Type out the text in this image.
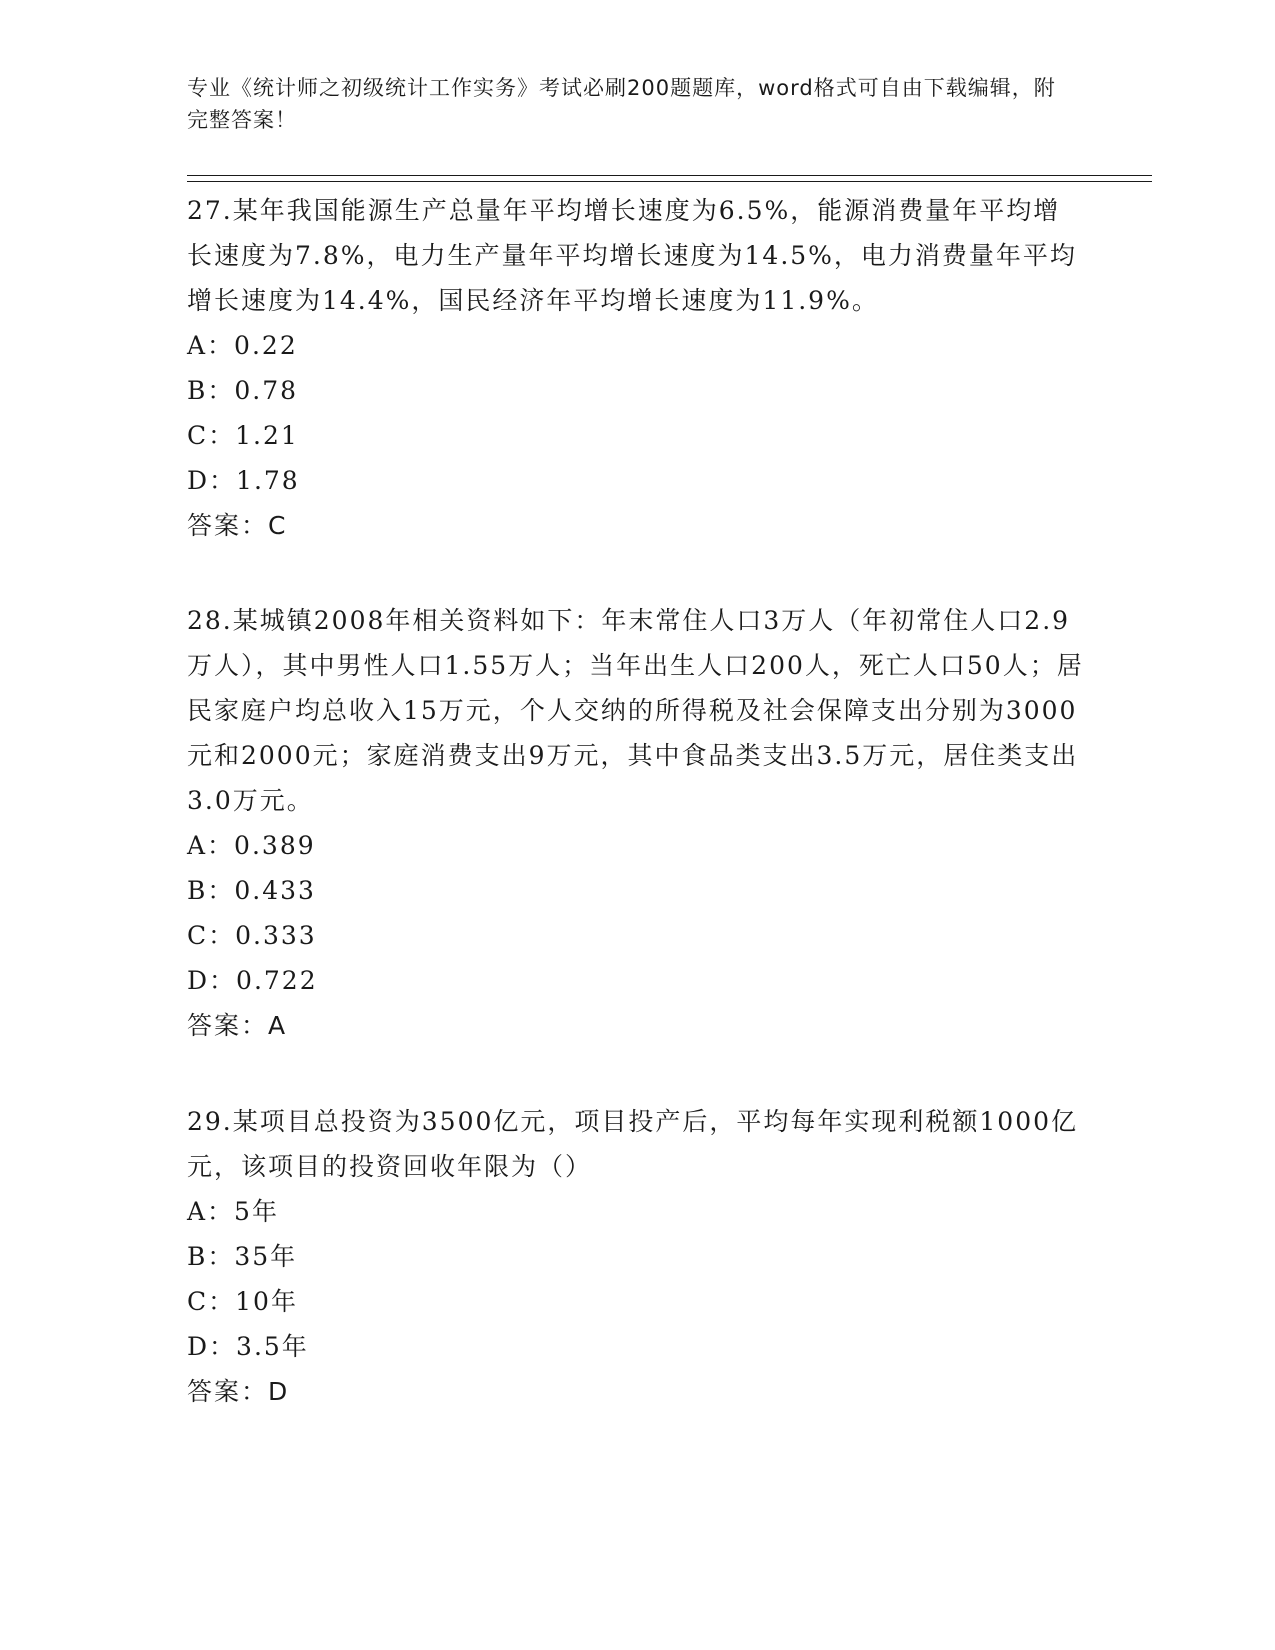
专业《统计师之初级统计工作实务》考试必刷200题题库，word格式可自由下载编辑，附完整答案！

27.某年我国能源生产总量年平均增长速度为6.5%，能源消费量年平均增长速度为7.8%，电力生产量年平均增长速度为14.5%，电力消费量年平均增长速度为14.4%，国民经济年平均增长速度为11.9%。

A：0.22

B：0.78

C：1.21

D：1.78

答案：C

28.某城镇2008年相关资料如下：年末常住人口3万人（年初常住人口2.9万人），其中男性人口1.55万人；当年出生人口200人，死亡人口50人；居民家庭户均总收入15万元，个人交纳的所得税及社会保障支出分别为3000元和2000元；家庭消费支出9万元，其中食品类支出3.5万元，居住类支出3.0万元。

A：0.389

B：0.433

C：0.333

D：0.722

答案：A

29.某项目总投资为3500亿元，项目投产后，平均每年实现利税额1000亿元，该项目的投资回收年限为（）

A：5年

B：35年

C：10年

D：3.5年

答案：D
